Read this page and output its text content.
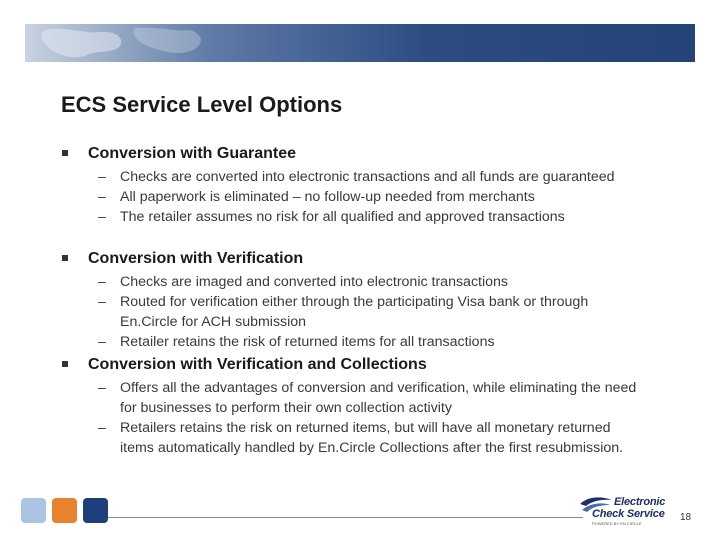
ECS Service Level Options
Conversion with Guarantee
– Checks are converted into electronic transactions and all funds are guaranteed
– All paperwork is eliminated – no follow-up needed from merchants
– The retailer assumes no risk for all qualified and approved transactions
Conversion with Verification
– Checks are imaged and converted into electronic transactions
– Routed for verification either through the participating Visa bank or through En.Circle for ACH submission
– Retailer retains the risk of returned items for all transactions
Conversion with Verification and Collections
– Offers all the advantages of conversion and verification, while eliminating the need for businesses to perform their own collection activity
– Retailers retains the risk on returned items, but will have all monetary returned items automatically handled by En.Circle Collections after the first resubmission.
Electronic
Check Service
POWERED BY EN.CIRCLE
18
